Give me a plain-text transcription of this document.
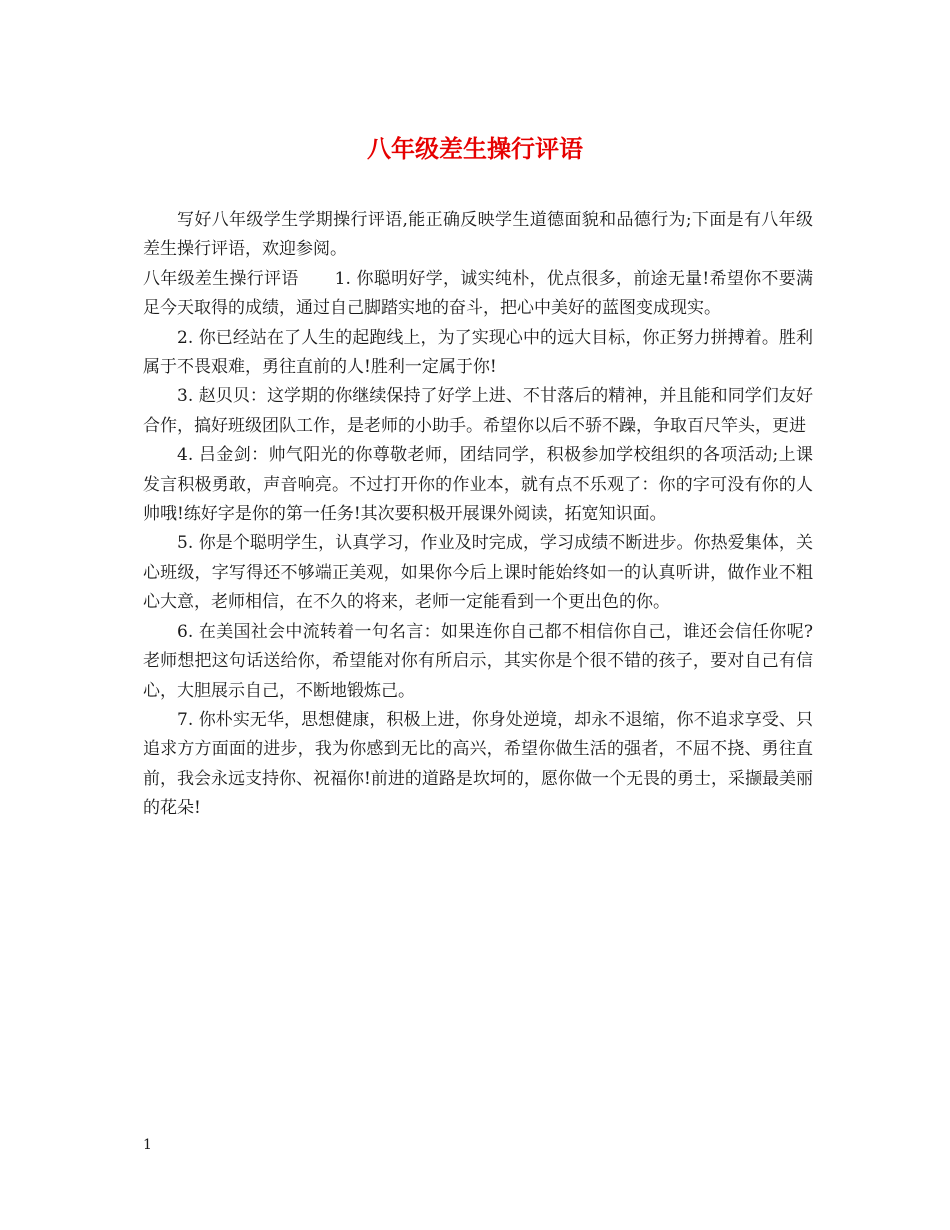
八年级差生操行评语

写好八年级学生学期操行评语,能正确反映学生道德面貌和品德行为;下面是有八年级差生操行评语，欢迎参阅。

八年级差生操行评语 1. 你聪明好学，诚实纯朴，优点很多，前途无量!希望你不要满足今天取得的成绩，通过自己脚踏实地的奋斗，把心中美好的蓝图变成现实。

2. 你已经站在了人生的起跑线上，为了实现心中的远大目标，你正努力拼搏着。胜利属于不畏艰难，勇往直前的人!胜利一定属于你!

3. 赵贝贝：这学期的你继续保持了好学上进、不甘落后的精神，并且能和同学们友好合作，搞好班级团队工作，是老师的小助手。希望你以后不骄不躁，争取百尺竿头，更进

4. 吕金剑：帅气阳光的你尊敬老师，团结同学，积极参加学校组织的各项活动;上课发言积极勇敢，声音响亮。不过打开你的作业本，就有点不乐观了：你的字可没有你的人帅哦!练好字是你的第一任务!其次要积极开展课外阅读，拓宽知识面。

5. 你是个聪明学生，认真学习，作业及时完成，学习成绩不断进步。你热爱集体，关心班级，字写得还不够端正美观，如果你今后上课时能始终如一的认真听讲，做作业不粗心大意，老师相信，在不久的将来，老师一定能看到一个更出色的你。

6. 在美国社会中流转着一句名言：如果连你自己都不相信你自己，谁还会信任你呢?老师想把这句话送给你，希望能对你有所启示，其实你是个很不错的孩子，要对自己有信心，大胆展示自己，不断地锻炼己。

7. 你朴实无华，思想健康，积极上进，你身处逆境，却永不退缩，你不追求享受、只追求方方面面的进步，我为你感到无比的高兴，希望你做生活的强者，不屈不挠、勇往直前，我会永远支持你、祝福你!前进的道路是坎坷的，愿你做一个无畏的勇士，采撷最美丽的花朵!

1
